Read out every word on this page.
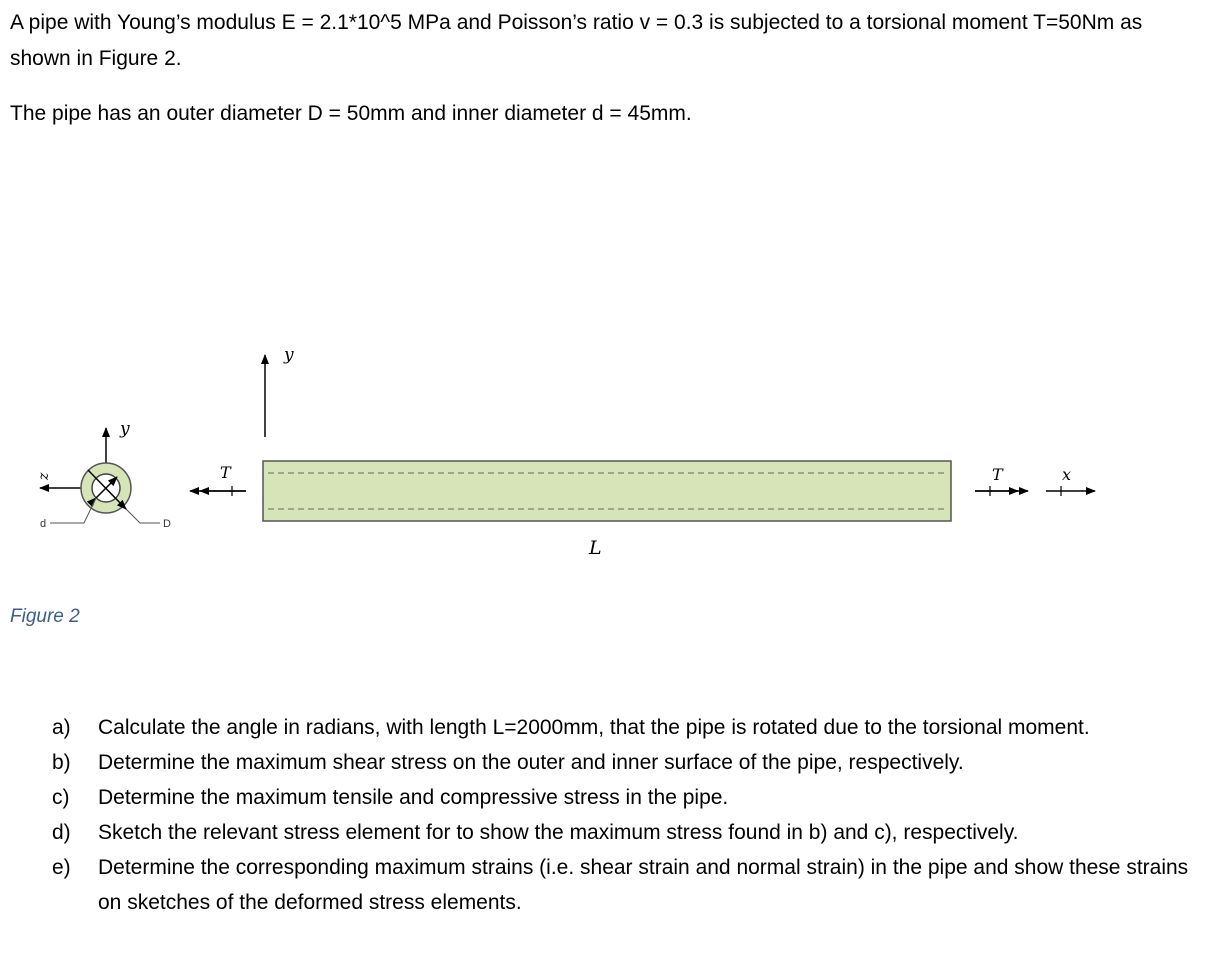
A pipe with Young’s modulus E = 2.1*10^5 MPa and Poisson’s ratio v = 0.3 is subjected to a torsional moment T=50Nm as shown in Figure 2.

The pipe has an outer diameter D = 50mm and inner diameter d = 45mm.

y
z
d	D
T
y
L
T	x

Figure 2

a) Calculate the angle in radians, with length L=2000mm, that the pipe is rotated due to the torsional moment.
b) Determine the maximum shear stress on the outer and inner surface of the pipe, respectively.
c) Determine the maximum tensile and compressive stress in the pipe.
d) Sketch the relevant stress element for to show the maximum stress found in b) and c), respectively.
e) Determine the corresponding maximum strains (i.e. shear strain and normal strain) in the pipe and show these strains on sketches of the deformed stress elements.
